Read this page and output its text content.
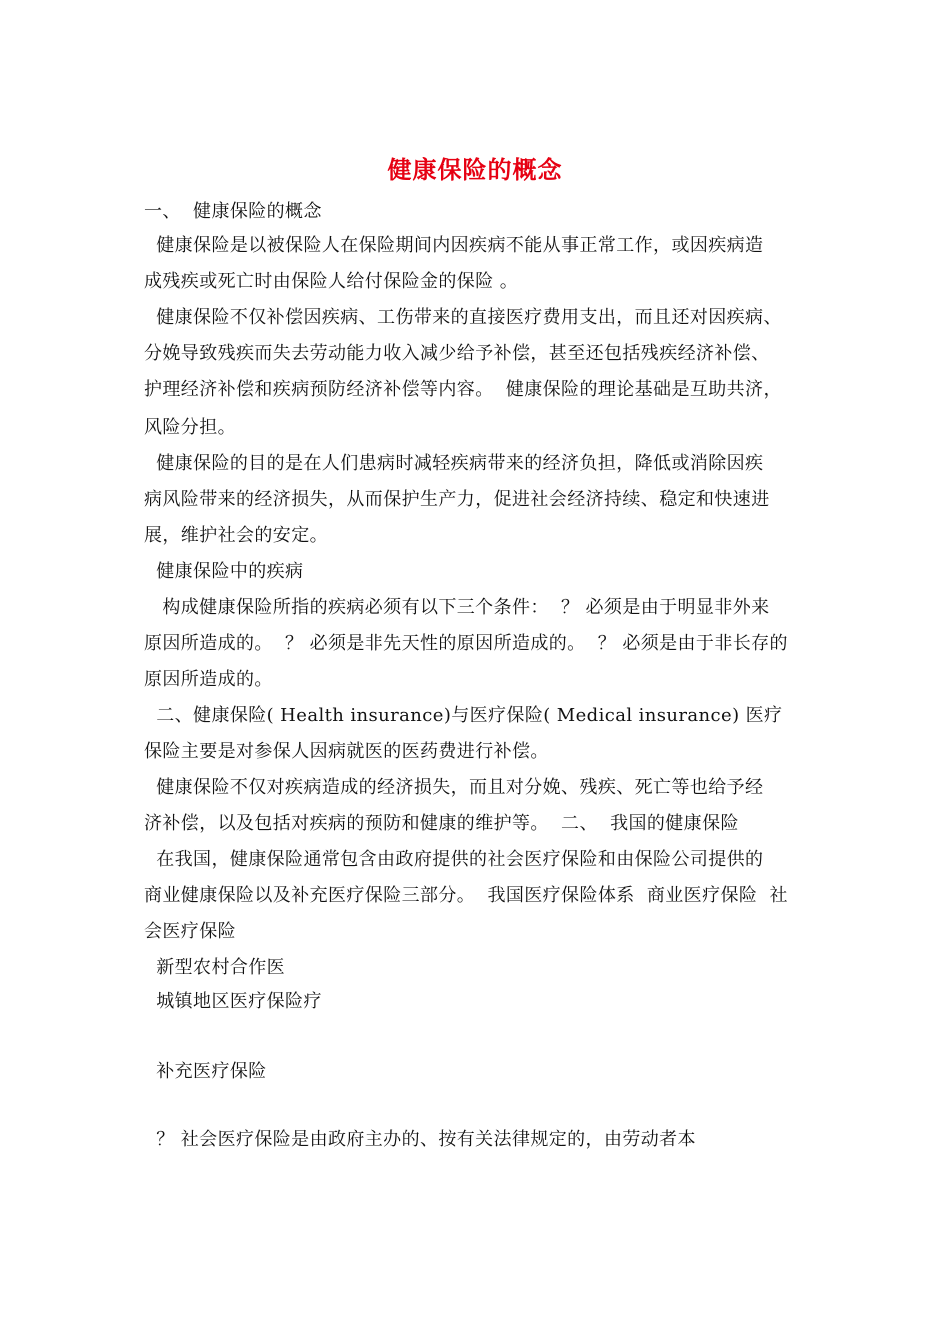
健康保险的概念
一、  健康保险的概念
健康保险是以被保险人在保险期间内因疾病不能从事正常工作，或因疾病造
成残疾或死亡时由保险人给付保险金的保险 。
健康保险不仅补偿因疾病、工伤带来的直接医疗费用支出，而且还对因疾病、
分娩导致残疾而失去劳动能力收入减少给予补偿，甚至还包括残疾经济补偿、
护理经济补偿和疾病预防经济补偿等内容。  健康保险的理论基础是互助共济，
风险分担。
健康保险的目的是在人们患病时减轻疾病带来的经济负担，降低或消除因疾
病风险带来的经济损失，从而保护生产力，促进社会经济持续、稳定和快速进
展，维护社会的安定。
健康保险中的疾病
构成健康保险所指的疾病必须有以下三个条件：  ？ 必须是由于明显非外来
原因所造成的。  ？ 必须是非先天性的原因所造成的。  ？ 必须是由于非长存的
原因所造成的。
二、健康保险( Health insurance)与医疗保险( Medical insurance) 医疗
保险主要是对参保人因病就医的医药费进行补偿。
健康保险不仅对疾病造成的经济损失，而且对分娩、残疾、死亡等也给予经
济补偿，以及包括对疾病的预防和健康的维护等。  二、  我国的健康保险
在我国，健康保险通常包含由政府提供的社会医疗保险和由保险公司提供的
商业健康保险以及补充医疗保险三部分。  我国医疗保险体系  商业医疗保险  社
会医疗保险
新型农村合作医
城镇地区医疗保险疗
补充医疗保险
？ 社会医疗保险是由政府主办的、按有关法律规定的，由劳动者本
